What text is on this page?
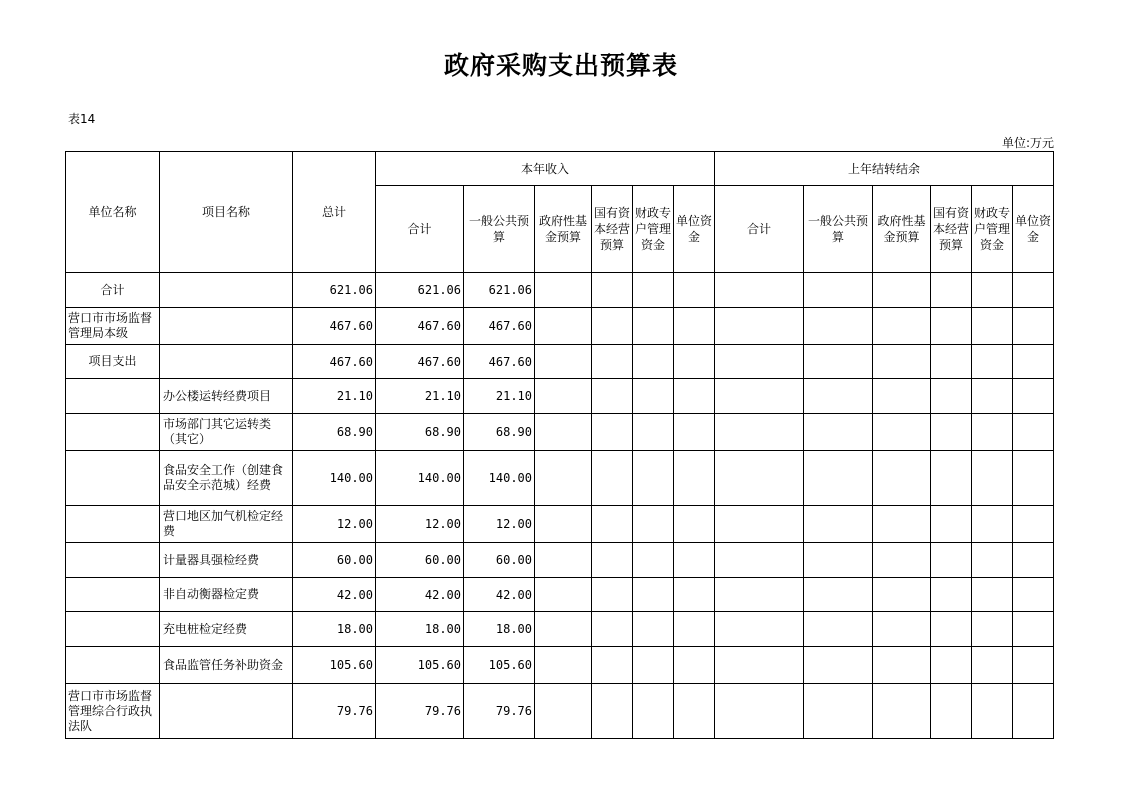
政府采购支出预算表
表14
单位:万元
单位名称	项目名称	总计	本年收入						上年结转结余					
			合计	一般公共预算	政府性基金预算	国有资本经营预算	财政专户管理资金	单位资金	合计	一般公共预算	政府性基金预算	国有资本经营预算	财政专户管理资金	单位资金
合计		621.06	621.06	621.06										
营口市市场监督管理局本级		467.60	467.60	467.60										
项目支出		467.60	467.60	467.60										
	办公楼运转经费项目	21.10	21.10	21.10										
	市场部门其它运转类（其它）	68.90	68.90	68.90										
	食品安全工作（创建食品安全示范城）经费	140.00	140.00	140.00										
	营口地区加气机检定经费	12.00	12.00	12.00										
	计量器具强检经费	60.00	60.00	60.00										
	非自动衡器检定费	42.00	42.00	42.00										
	充电桩检定经费	18.00	18.00	18.00										
	食品监管任务补助资金	105.60	105.60	105.60										
营口市市场监督管理综合行政执法队		79.76	79.76	79.76										
